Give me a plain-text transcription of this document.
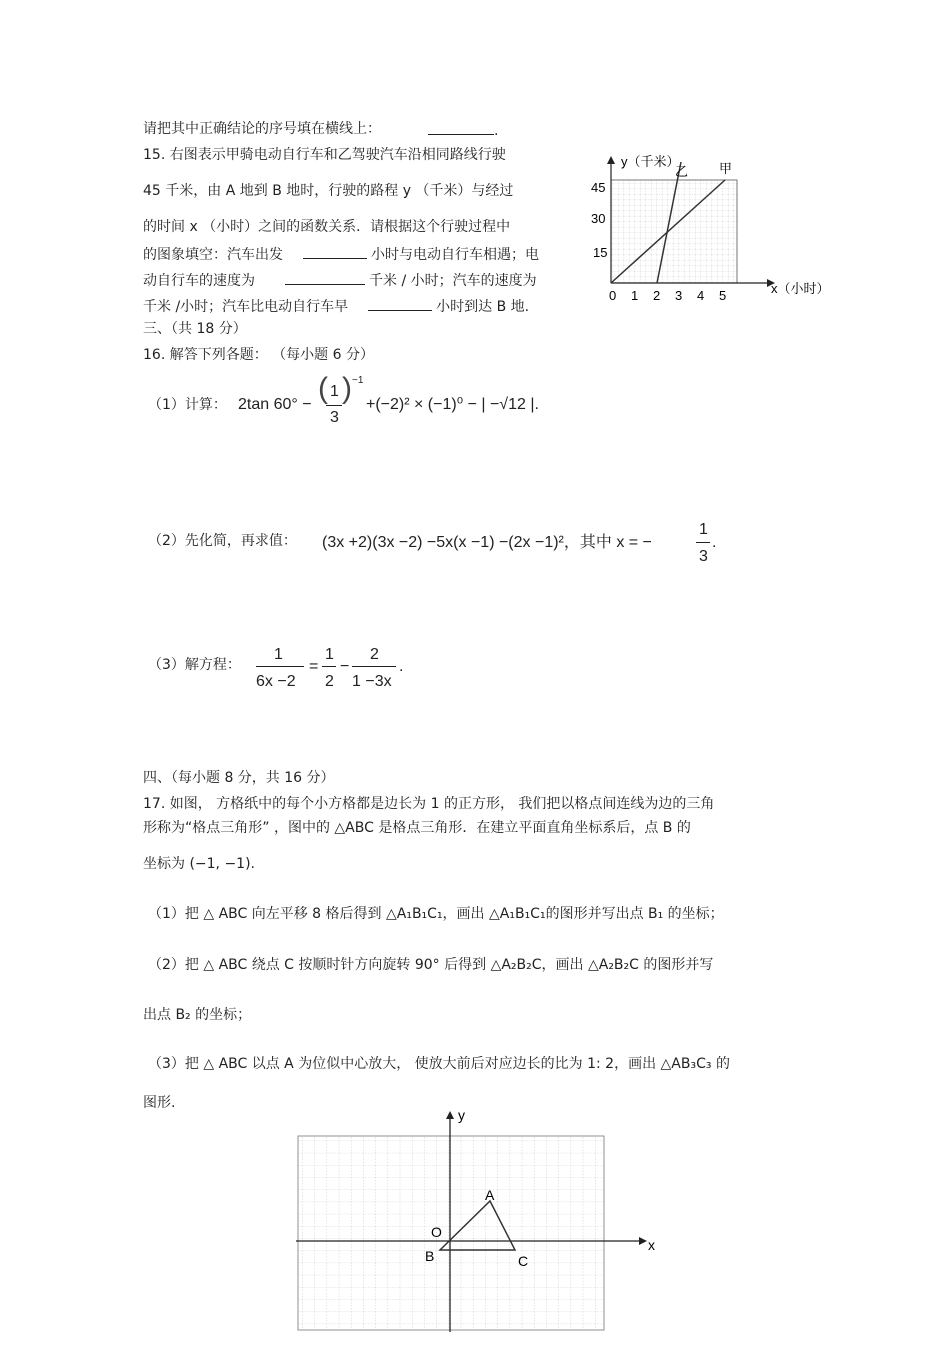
请把其中正确结论的序号填在横线上：	.
15. 右图表示甲骑电动自行车和乙驾驶汽车沿相同路线行驶
45 千米，由 A 地到 B 地时，行驶的路程 y （千米）与经过
的时间 x （小时）之间的函数关系．请根据这个行驶过程中
的图象填空：汽车出发	小时与电动自行车相遇；电
动自行车的速度为	千米 / 小时；汽车的速度为
千米 /小时；汽车比电动自行车早	小时到达 B 地.
y（千米）
x（小时）
45
30
15
0 1 2 3 4 5
乙 甲
三、（共 18 分）
16. 解答下列各题： （每小题 6 分）
（1）计算： 2tan 60° − ( 1
3
) −1
+(−2)² × (−1)⁰ − | −√12 |.
（2）先化简，再求值： (3x +2)(3x −2) −5x(x −1) −(2x −1)²，其中 x = −
1
3
.
（3）解方程：
1
6x −2
=
1
2
−
2
1 −3x
.
四、（每小题 8 分，共 16 分）
17. 如图， 方格纸中的每个小方格都是边长为 1 的正方形， 我们把以格点间连线为边的三角
形称为“格点三角形” ，图中的 △ABC 是格点三角形．在建立平面直角坐标系后，点 B 的
坐标为 (−1, −1).
（1）把 △ ABC 向左平移 8 格后得到 △A₁B₁C₁，画出 △A₁B₁C₁的图形并写出点 B₁ 的坐标；
（2）把 △ ABC 绕点 C 按顺时针方向旋转 90° 后得到 △A₂B₂C，画出 △A₂B₂C 的图形并写
出点 B₂ 的坐标；
（3）把 △ ABC 以点 A 为位似中心放大， 使放大前后对应边长的比为 1: 2，画出 △AB₃C₃ 的
图形.
y
x
O
A
B	C
